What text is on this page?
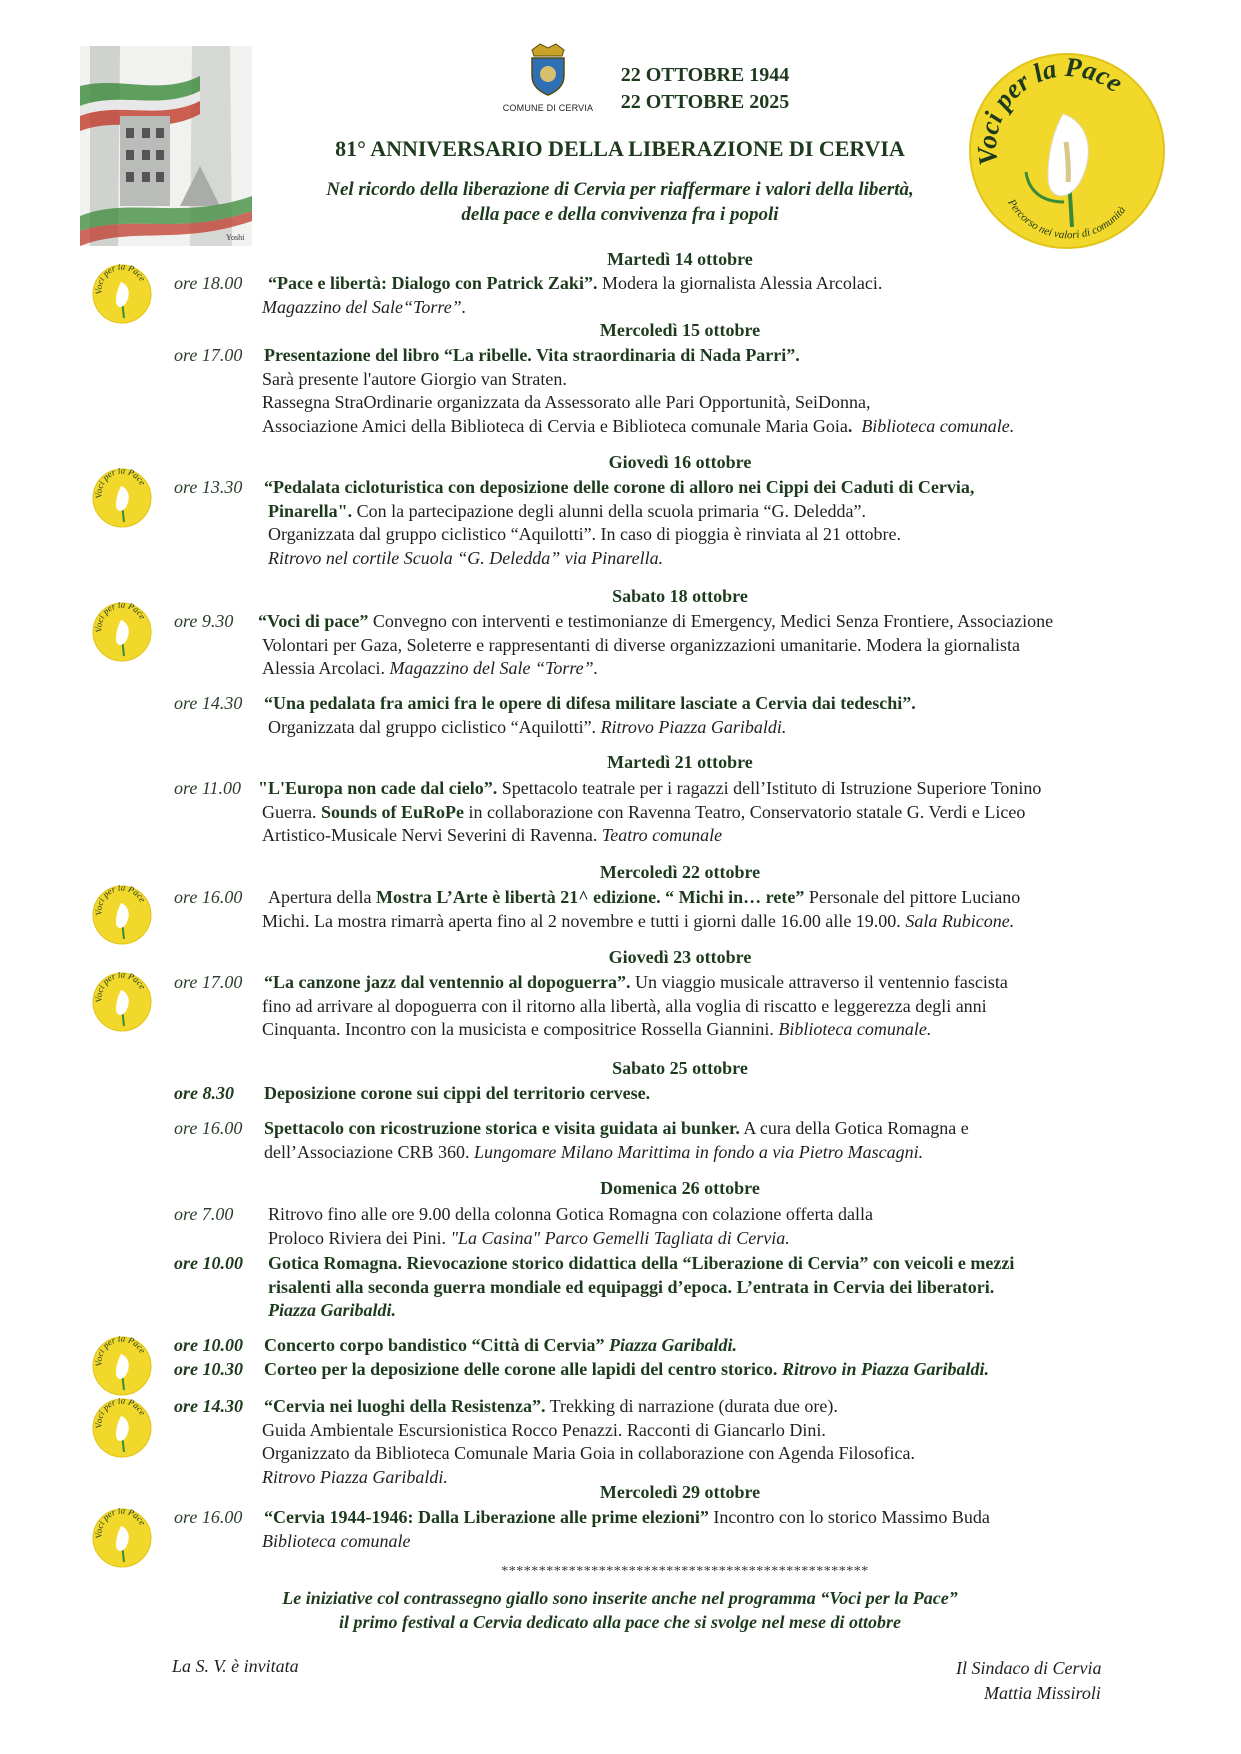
Yoshi
COMUNE DI CERVIA
22 OTTOBRE 1944
22 OTTOBRE 2025
81° ANNIVERSARIO DELLA LIBERAZIONE DI CERVIA
Nel ricordo della liberazione di Cervia per riaffermare i valori della libertà,
della pace e della convivenza fra i popoli
Voci per la Pace
Percorso nei valori di comunità
Voci per la Pace
Voci per la Pace
Voci per la Pace
Voci per la Pace
Voci per la Pace
Voci per la Pace
Voci per la Pace
Voci per la Pace
Martedì 14 ottobre
ore 18.00 “Pace e libertà: Dialogo con Patrick Zaki”. Modera la giornalista Alessia Arcolaci.
Magazzino del Sale“Torre”.
Mercoledì 15 ottobre
ore 17.00 Presentazione del libro “La ribelle. Vita straordinaria di Nada Parri”.
Sarà presente l'autore Giorgio van Straten.
Rassegna StraOrdinarie organizzata da Assessorato alle Pari Opportunità, SeiDonna,
Associazione Amici della Biblioteca di Cervia e Biblioteca comunale Maria Goia. Biblioteca comunale.
Giovedì 16 ottobre
ore 13.30 “Pedalata cicloturistica con deposizione delle corone di alloro nei Cippi dei Caduti di Cervia,
Pinarella". Con la partecipazione degli alunni della scuola primaria “G. Deledda”.
Organizzata dal gruppo ciclistico “Aquilotti”. In caso di pioggia è rinviata al 21 ottobre.
Ritrovo nel cortile Scuola “G. Deledda” via Pinarella.
Sabato 18 ottobre
ore 9.30 “Voci di pace” Convegno con interventi e testimonianze di Emergency, Medici Senza Frontiere, Associazione
Volontari per Gaza, Soleterre e rappresentanti di diverse organizzazioni umanitarie. Modera la giornalista
Alessia Arcolaci. Magazzino del Sale “Torre”.
ore 14.30 “Una pedalata fra amici fra le opere di difesa militare lasciate a Cervia dai tedeschi”.
Organizzata dal gruppo ciclistico “Aquilotti”. Ritrovo Piazza Garibaldi.
Martedì 21 ottobre
ore 11.00 "L'Europa non cade dal cielo”. Spettacolo teatrale per i ragazzi dell’Istituto di Istruzione Superiore Tonino
Guerra. Sounds of EuRoPe in collaborazione con Ravenna Teatro, Conservatorio statale G. Verdi e Liceo
Artistico-Musicale Nervi Severini di Ravenna. Teatro comunale
Mercoledì 22 ottobre
ore 16.00 Apertura della Mostra L’Arte è libertà 21^ edizione. “ Michi in… rete” Personale del pittore Luciano
Michi. La mostra rimarrà aperta fino al 2 novembre e tutti i giorni dalle 16.00 alle 19.00. Sala Rubicone.
Giovedì 23 ottobre
ore 17.00 “La canzone jazz dal ventennio al dopoguerra”. Un viaggio musicale attraverso il ventennio fascista
fino ad arrivare al dopoguerra con il ritorno alla libertà, alla voglia di riscatto e leggerezza degli anni
Cinquanta. Incontro con la musicista e compositrice Rossella Giannini. Biblioteca comunale.
Sabato 25 ottobre
ore 8.30 Deposizione corone sui cippi del territorio cervese.
ore 16.00 Spettacolo con ricostruzione storica e visita guidata ai bunker. A cura della Gotica Romagna e
dell’Associazione CRB 360. Lungomare Milano Marittima in fondo a via Pietro Mascagni.
Domenica 26 ottobre
ore 7.00 Ritrovo fino alle ore 9.00 della colonna Gotica Romagna con colazione offerta dalla
Proloco Riviera dei Pini. "La Casina" Parco Gemelli Tagliata di Cervia.
ore 10.00 Gotica Romagna. Rievocazione storico didattica della “Liberazione di Cervia” con veicoli e mezzi
risalenti alla seconda guerra mondiale ed equipaggi d’epoca. L’entrata in Cervia dei liberatori.
Piazza Garibaldi.
ore 10.00 Concerto corpo bandistico “Città di Cervia” Piazza Garibaldi.
ore 10.30 Corteo per la deposizione delle corone alle lapidi del centro storico. Ritrovo in Piazza Garibaldi.
ore 14.30 “Cervia nei luoghi della Resistenza”. Trekking di narrazione (durata due ore).
Guida Ambientale Escursionistica Rocco Penazzi. Racconti di Giancarlo Dini.
Organizzato da Biblioteca Comunale Maria Goia in collaborazione con Agenda Filosofica.
Ritrovo Piazza Garibaldi.
Mercoledì 29 ottobre
ore 16.00 “Cervia 1944-1946: Dalla Liberazione alle prime elezioni” Incontro con lo storico Massimo Buda
Biblioteca comunale
*************************************************
Le iniziative col contrassegno giallo sono inserite anche nel programma “Voci per la Pace”
il primo festival a Cervia dedicato alla pace che si svolge nel mese di ottobre
La S. V. è invitata	Il Sindaco di Cervia
Mattia Missiroli
